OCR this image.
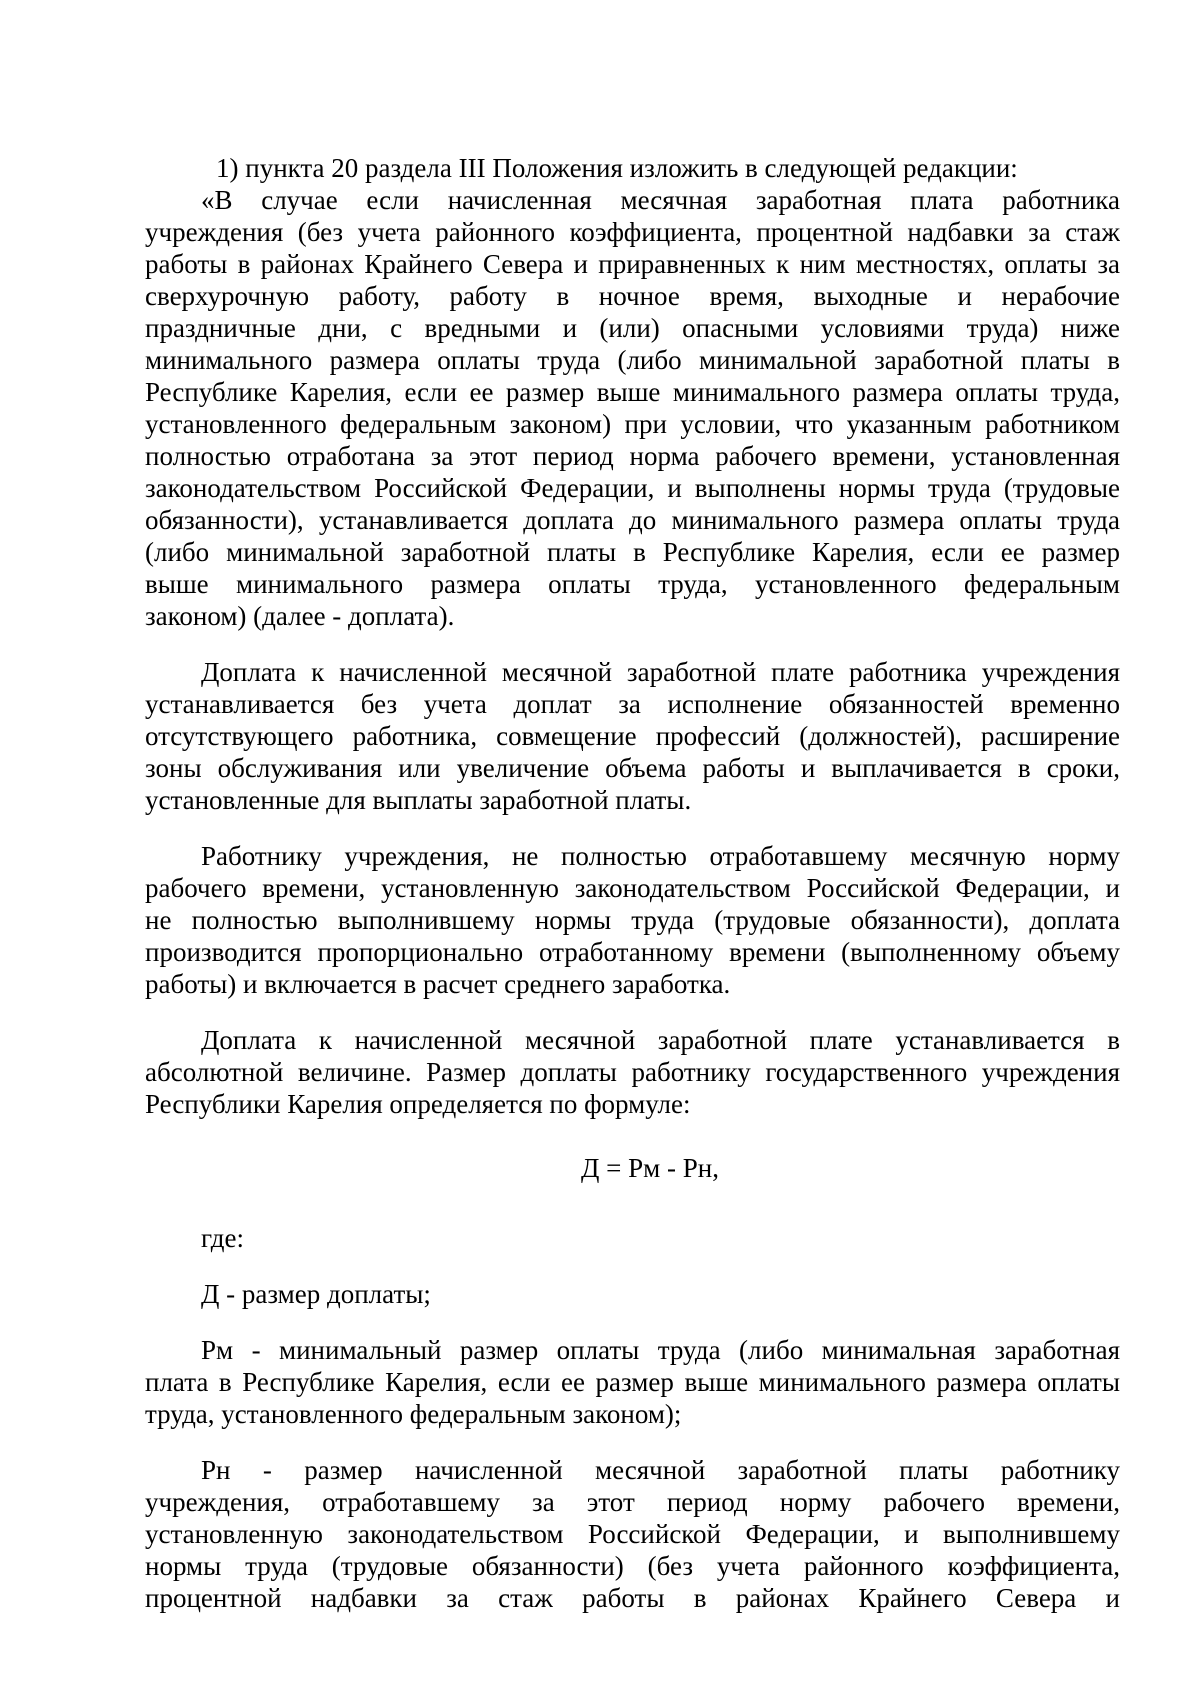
1) пункта 20 раздела III Положения изложить в следующей редакции:
«В случае если начисленная месячная заработная плата работника
учреждения (без учета районного коэффициента, процентной надбавки за стаж
работы в районах Крайнего Севера и приравненных к ним местностях, оплаты за
сверхурочную работу, работу в ночное время, выходные и нерабочие
праздничные дни, с вредными и (или) опасными условиями труда) ниже
минимального размера оплаты труда (либо минимальной заработной платы в
Республике Карелия, если ее размер выше минимального размера оплаты труда,
установленного федеральным законом) при условии, что указанным работником
полностью отработана за этот период норма рабочего времени, установленная
законодательством Российской Федерации, и выполнены нормы труда (трудовые
обязанности), устанавливается доплата до минимального размера оплаты труда
(либо минимальной заработной платы в Республике Карелия, если ее размер
выше минимального размера оплаты труда, установленного федеральным
законом) (далее - доплата).
Доплата к начисленной месячной заработной плате работника учреждения
устанавливается без учета доплат за исполнение обязанностей временно
отсутствующего работника, совмещение профессий (должностей), расширение
зоны обслуживания или увеличение объема работы и выплачивается в сроки,
установленные для выплаты заработной платы.
Работнику учреждения, не полностью отработавшему месячную норму
рабочего времени, установленную законодательством Российской Федерации, и
не полностью выполнившему нормы труда (трудовые обязанности), доплата
производится пропорционально отработанному времени (выполненному объему
работы) и включается в расчет среднего заработка.
Доплата к начисленной месячной заработной плате устанавливается в
абсолютной величине. Размер доплаты работнику государственного учреждения
Республики Карелия определяется по формуле:
Д = Рм - Рн,
где:
Д - размер доплаты;
Рм - минимальный размер оплаты труда (либо минимальная заработная
плата в Республике Карелия, если ее размер выше минимального размера оплаты
труда, установленного федеральным законом);
Рн - размер начисленной месячной заработной платы работнику
учреждения, отработавшему за этот период норму рабочего времени,
установленную законодательством Российской Федерации, и выполнившему
нормы труда (трудовые обязанности) (без учета районного коэффициента,
процентной надбавки за стаж работы в районах Крайнего Севера и
